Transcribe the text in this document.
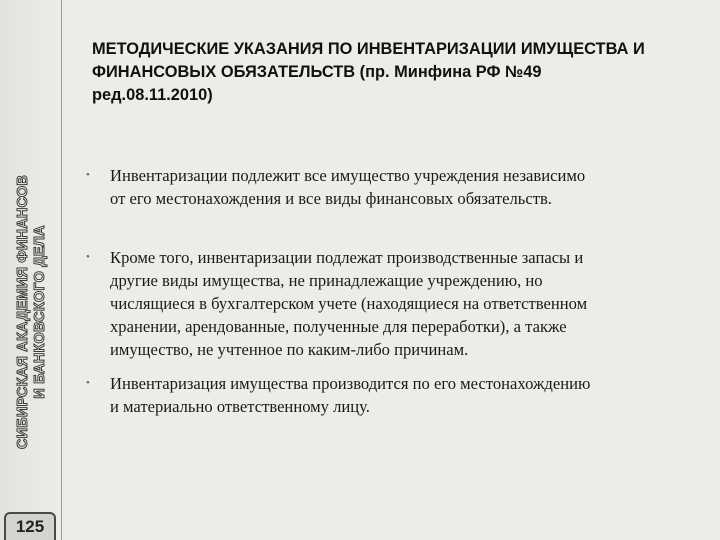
СИБИРСКАЯ АКАДЕМИЯ ФИНАНСОВ И БАНКОВСКОГО ДЕЛА
125
МЕТОДИЧЕСКИЕ УКАЗАНИЯ ПО ИНВЕНТАРИЗАЦИИ ИМУЩЕСТВА И
ФИНАНСОВЫХ ОБЯЗАТЕЛЬСТВ (пр. Минфина РФ №49
ред.08.11.2010)
•	Инвентаризации подлежит все имущество учреждения независимо
от его местонахождения и все виды финансовых обязательств.
•	Кроме того, инвентаризации подлежат производственные запасы и
другие виды имущества, не принадлежащие учреждению, но
числящиеся в бухгалтерском учете (находящиеся на ответственном
хранении, арендованные, полученные для переработки), а также
имущество, не учтенное по каким-либо причинам.
•	Инвентаризация имущества производится по его местонахождению
и материально ответственному лицу.
